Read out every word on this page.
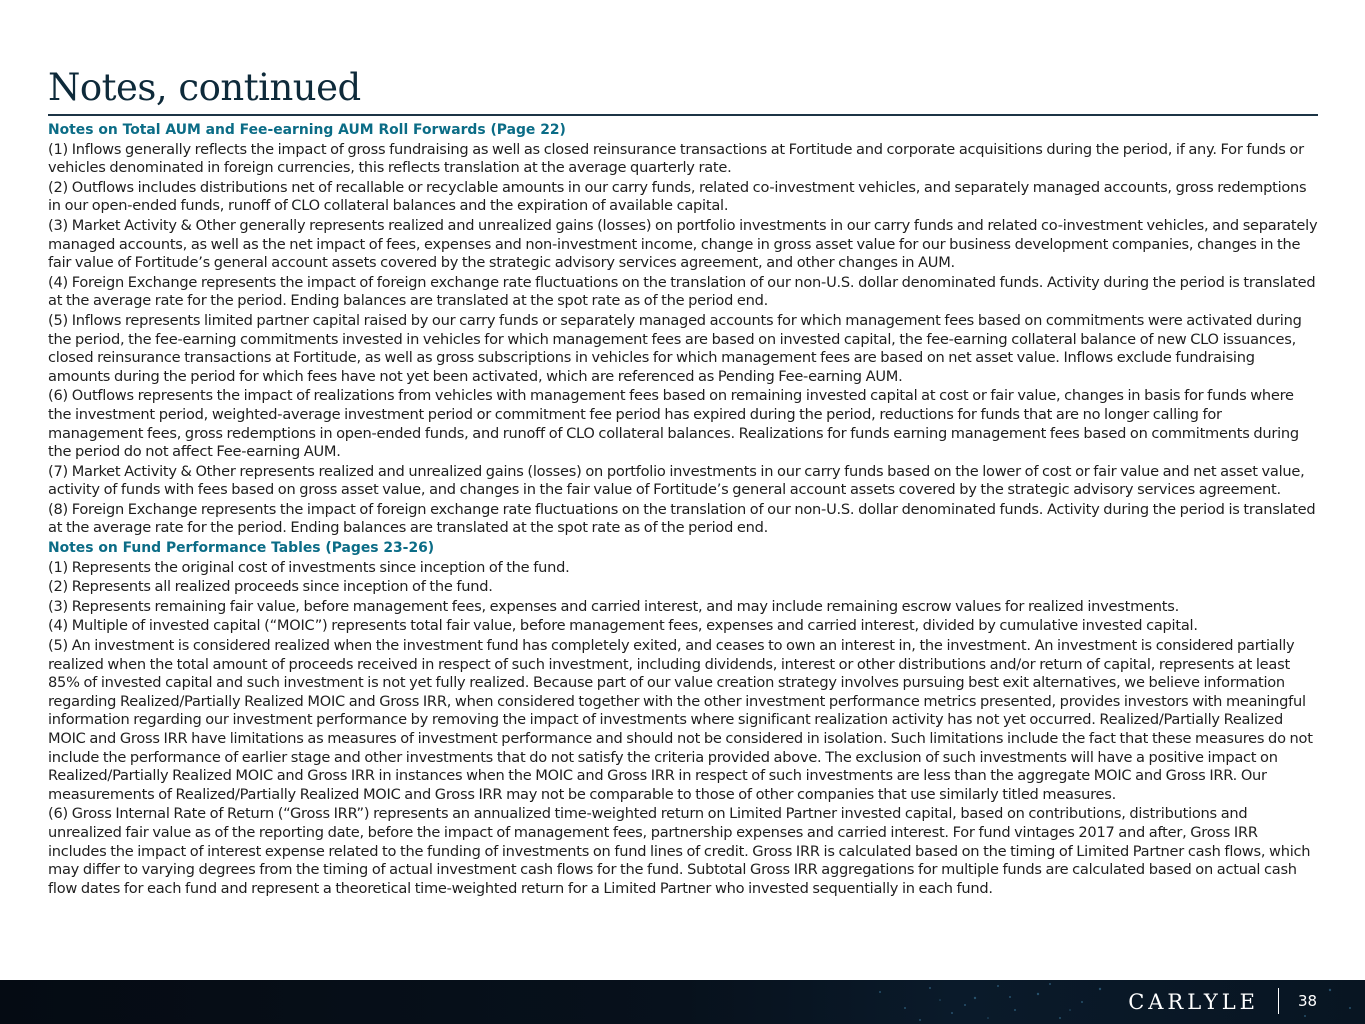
Notes, continued

Notes on Total AUM and Fee-earning AUM Roll Forwards (Page 22)

(1) Inflows generally reflects the impact of gross fundraising as well as closed reinsurance transactions at Fortitude and corporate acquisitions during the period, if any. For funds or vehicles denominated in foreign currencies, this reflects translation at the average quarterly rate.

(2) Outflows includes distributions net of recallable or recyclable amounts in our carry funds, related co-investment vehicles, and separately managed accounts, gross redemptions in our open-ended funds, runoff of CLO collateral balances and the expiration of available capital.

(3) Market Activity & Other generally represents realized and unrealized gains (losses) on portfolio investments in our carry funds and related co-investment vehicles, and separately managed accounts, as well as the net impact of fees, expenses and non-investment income, change in gross asset value for our business development companies, changes in the fair value of Fortitude’s general account assets covered by the strategic advisory services agreement, and other changes in AUM.

(4) Foreign Exchange represents the impact of foreign exchange rate fluctuations on the translation of our non-U.S. dollar denominated funds. Activity during the period is translated at the average rate for the period. Ending balances are translated at the spot rate as of the period end.

(5) Inflows represents limited partner capital raised by our carry funds or separately managed accounts for which management fees based on commitments were activated during the period, the fee-earning commitments invested in vehicles for which management fees are based on invested capital, the fee-earning collateral balance of new CLO issuances, closed reinsurance transactions at Fortitude, as well as gross subscriptions in vehicles for which management fees are based on net asset value. Inflows exclude fundraising amounts during the period for which fees have not yet been activated, which are referenced as Pending Fee-earning AUM.

(6) Outflows represents the impact of realizations from vehicles with management fees based on remaining invested capital at cost or fair value, changes in basis for funds where the investment period, weighted-average investment period or commitment fee period has expired during the period, reductions for funds that are no longer calling for management fees, gross redemptions in open-ended funds, and runoff of CLO collateral balances. Realizations for funds earning management fees based on commitments during the period do not affect Fee-earning AUM.

(7) Market Activity & Other represents realized and unrealized gains (losses) on portfolio investments in our carry funds based on the lower of cost or fair value and net asset value, activity of funds with fees based on gross asset value, and changes in the fair value of Fortitude’s general account assets covered by the strategic advisory services agreement.

(8) Foreign Exchange represents the impact of foreign exchange rate fluctuations on the translation of our non-U.S. dollar denominated funds. Activity during the period is translated at the average rate for the period. Ending balances are translated at the spot rate as of the period end.

Notes on Fund Performance Tables (Pages 23-26)

(1) Represents the original cost of investments since inception of the fund.

(2) Represents all realized proceeds since inception of the fund.

(3) Represents remaining fair value, before management fees, expenses and carried interest, and may include remaining escrow values for realized investments.

(4) Multiple of invested capital (“MOIC”) represents total fair value, before management fees, expenses and carried interest, divided by cumulative invested capital.

(5) An investment is considered realized when the investment fund has completely exited, and ceases to own an interest in, the investment. An investment is considered partially realized when the total amount of proceeds received in respect of such investment, including dividends, interest or other distributions and/or return of capital, represents at least 85% of invested capital and such investment is not yet fully realized. Because part of our value creation strategy involves pursuing best exit alternatives, we believe information regarding Realized/Partially Realized MOIC and Gross IRR, when considered together with the other investment performance metrics presented, provides investors with meaningful information regarding our investment performance by removing the impact of investments where significant realization activity has not yet occurred. Realized/Partially Realized MOIC and Gross IRR have limitations as measures of investment performance and should not be considered in isolation. Such limitations include the fact that these measures do not include the performance of earlier stage and other investments that do not satisfy the criteria provided above. The exclusion of such investments will have a positive impact on Realized/Partially Realized MOIC and Gross IRR in instances when the MOIC and Gross IRR in respect of such investments are less than the aggregate MOIC and Gross IRR. Our measurements of Realized/Partially Realized MOIC and Gross IRR may not be comparable to those of other companies that use similarly titled measures.

(6) Gross Internal Rate of Return (“Gross IRR”) represents an annualized time-weighted return on Limited Partner invested capital, based on contributions, distributions and unrealized fair value as of the reporting date, before the impact of management fees, partnership expenses and carried interest. For fund vintages 2017 and after, Gross IRR includes the impact of interest expense related to the funding of investments on fund lines of credit. Gross IRR is calculated based on the timing of Limited Partner cash flows, which may differ to varying degrees from the timing of actual investment cash flows for the fund. Subtotal Gross IRR aggregations for multiple funds are calculated based on actual cash flow dates for each fund and represent a theoretical time-weighted return for a Limited Partner who invested sequentially in each fund.

CARLYLE	38
